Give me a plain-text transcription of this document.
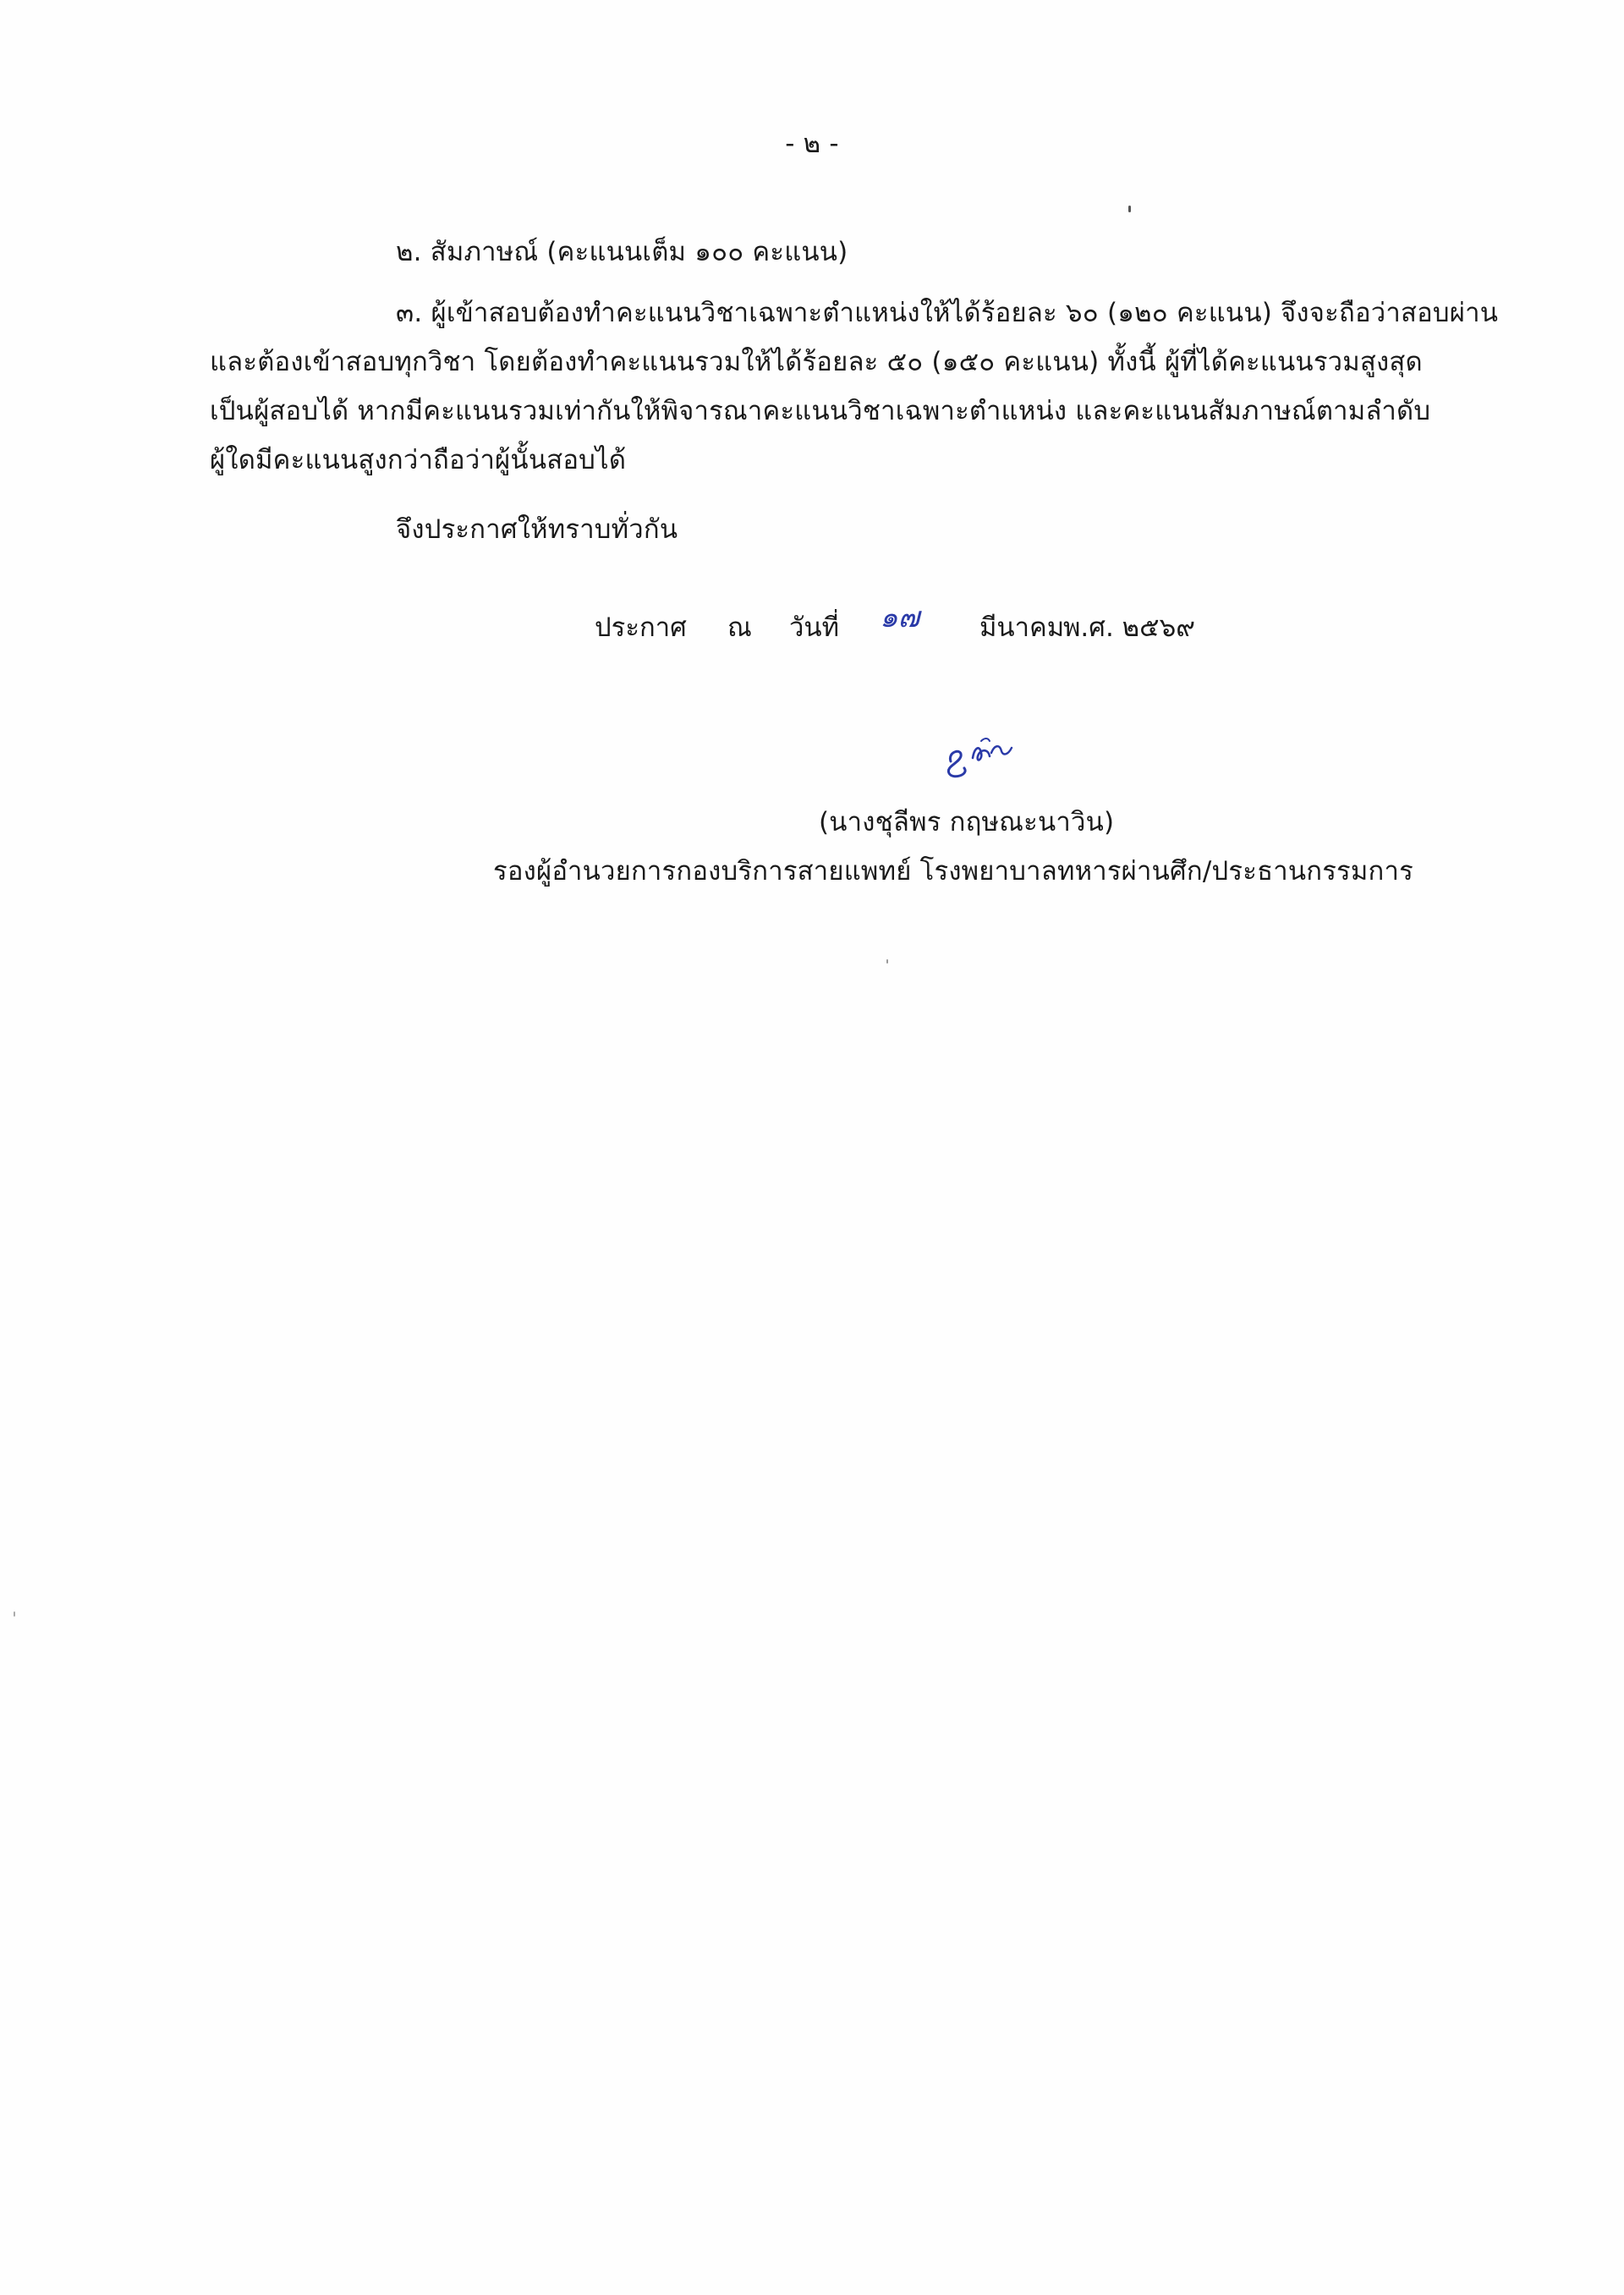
- ๒ -
๒. สัมภาษณ์ (คะแนนเต็ม ๑๐๐ คะแนน)
๓. ผู้เข้าสอบต้องทำคะแนนวิชาเฉพาะตำแหน่งให้ได้ร้อยละ ๖๐ (๑๒๐ คะแนน) จึงจะถือว่าสอบผ่าน
และต้องเข้าสอบทุกวิชา โดยต้องทำคะแนนรวมให้ได้ร้อยละ ๕๐ (๑๕๐ คะแนน) ทั้งนี้ ผู้ที่ได้คะแนนรวมสูงสุด
เป็นผู้สอบได้ หากมีคะแนนรวมเท่ากันให้พิจารณาคะแนนวิชาเฉพาะตำแหน่ง และคะแนนสัมภาษณ์ตามลำดับ
ผู้ใดมีคะแนนสูงกว่าถือว่าผู้นั้นสอบได้
จึงประกาศให้ทราบทั่วกัน
ประกาศ ณ วันที่ ๑๗ มีนาคม
พ.ศ. ๒๕๖๙
(นางชุลีพร กฤษณะนาวิน)
รองผู้อำนวยการกองบริการสายแพทย์ โรงพยาบาลทหารผ่านศึก/ประธานกรรมการ
